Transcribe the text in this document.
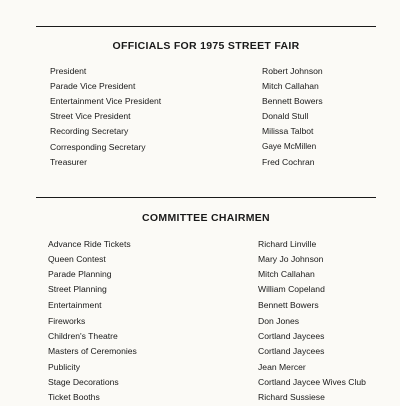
OFFICIALS FOR 1975 STREET FAIR
President	Robert Johnson
Parade Vice President	Mitch Callahan
Entertainment Vice President	Bennett Bowers
Street Vice President	Donald Stull
Recording Secretary	Milissa Talbot
Corresponding Secretary	Gaye McMillen
Treasurer	Fred Cochran
COMMITTEE CHAIRMEN
Advance Ride Tickets	Richard Linville
Queen Contest	Mary Jo Johnson
Parade Planning	Mitch Callahan
Street Planning	William Copeland
Entertainment	Bennett Bowers
Fireworks	Don Jones
Children's Theatre	Cortland Jaycees
Masters of Ceremonies	Cortland Jaycees
Publicity	Jean Mercer
Stage Decorations	Cortland Jaycee Wives Club
Ticket Booths	Richard Sussiese
